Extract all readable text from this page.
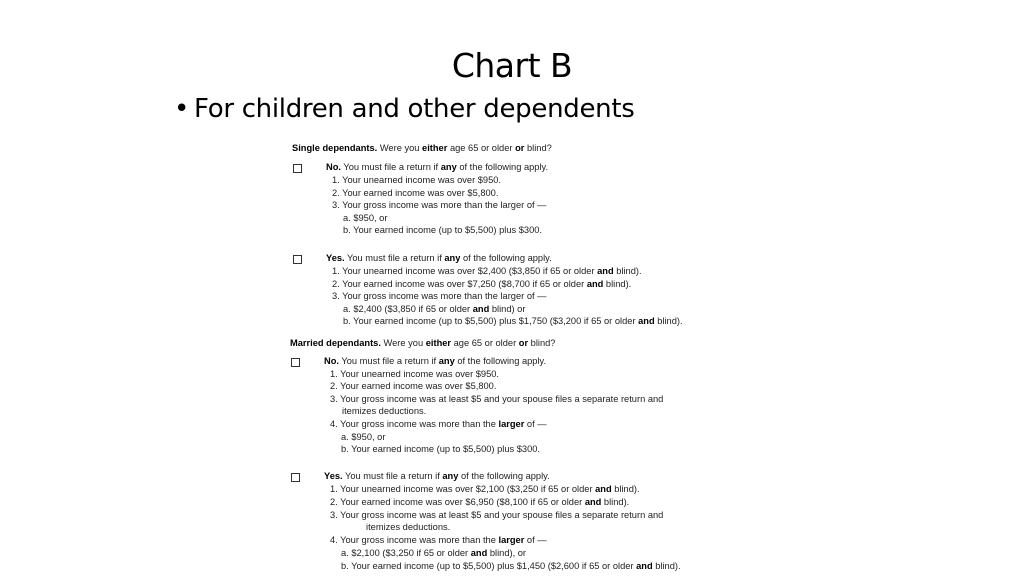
Chart B
• For children and other dependents
Single dependants. Were you either age 65 or older or blind?
No. You must file a return if any of the following apply.
1. Your unearned income was over $950.
2. Your earned income was over $5,800.
3. Your gross income was more than the larger of —
a. $950, or
b. Your earned income (up to $5,500) plus $300.
Yes. You must file a return if any of the following apply.
1. Your unearned income was over $2,400 ($3,850 if 65 or older and blind).
2. Your earned income was over $7,250 ($8,700 if 65 or older and blind).
3. Your gross income was more than the larger of —
a. $2,400 ($3,850 if 65 or older and blind) or
b. Your earned income (up to $5,500) plus $1,750 ($3,200 if 65 or older and blind).
Married dependants. Were you either age 65 or older or blind?
No. You must file a return if any of the following apply.
1. Your unearned income was over $950.
2. Your earned income was over $5,800.
3. Your gross income was at least $5 and your spouse files a separate return and
itemizes deductions.
4. Your gross income was more than the larger of —
a. $950, or
b. Your earned income (up to $5,500) plus $300.
Yes. You must file a return if any of the following apply.
1. Your unearned income was over $2,100 ($3,250 if 65 or older and blind).
2. Your earned income was over $6,950 ($8,100 if 65 or older and blind).
3. Your gross income was at least $5 and your spouse files a separate return and
itemizes deductions.
4. Your gross income was more than the larger of —
a. $2,100 ($3,250 if 65 or older and blind), or
b. Your earned income (up to $5,500) plus $1,450 ($2,600 if 65 or older and blind).
